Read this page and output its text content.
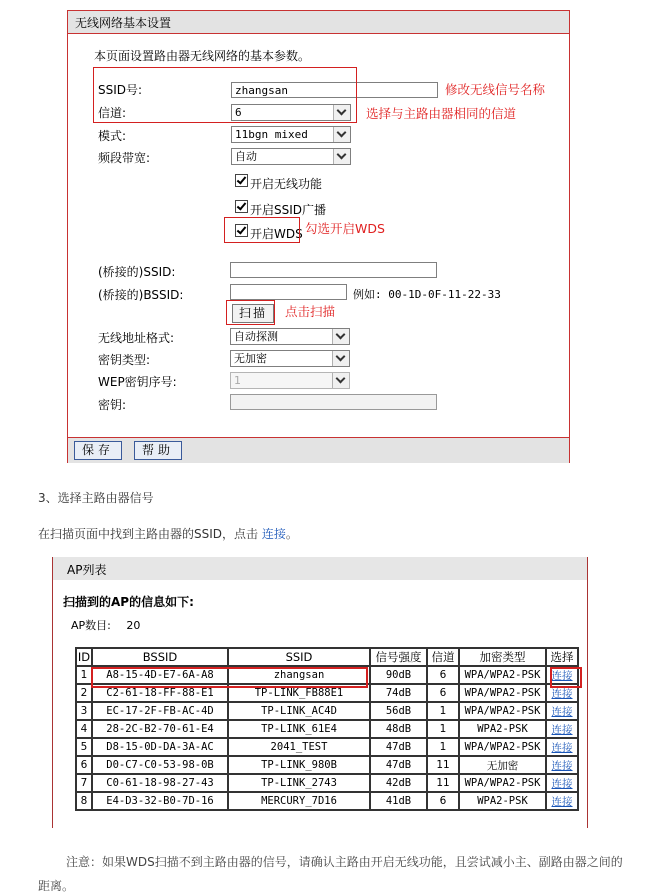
无线网络基本设置
本页面设置路由器无线网络的基本参数。
SSID号:	zhangsan
信道:	6
模式:	11bgn mixed
频段带宽:	自动
开启无线功能
开启SSID广播
开启WDS
(桥接的)SSID:
(桥接的)BSSID:	例如: 00-1D-0F-11-22-33
扫描
无线地址格式:	自动探测
密钥类型:	无加密
WEP密钥序号:	1
密钥:
保存	帮助
修改无线信号名称
选择与主路由器相同的信道
勾选开启WDS
点击扫描
3、选择主路由器信号
在扫描页面中找到主路由器的SSID，点击 连接。
AP列表
扫描到的AP的信息如下:
AP数目: 20
ID	BSSID	SSID	信号强度	信道	加密类型	选择
1	A8-15-4D-E7-6A-A8	zhangsan	90dB	6	WPA/WPA2-PSK	连接
2	C2-61-18-FF-88-E1	TP-LINK_FB88E1	74dB	6	WPA/WPA2-PSK	连接
3	EC-17-2F-FB-AC-4D	TP-LINK_AC4D	56dB	1	WPA/WPA2-PSK	连接
4	28-2C-B2-70-61-E4	TP-LINK_61E4	48dB	1	WPA2-PSK	连接
5	D8-15-0D-DA-3A-AC	2041_TEST	47dB	1	WPA/WPA2-PSK	连接
6	D0-C7-C0-53-98-0B	TP-LINK_980B	47dB	11	无加密	连接
7	C0-61-18-98-27-43	TP-LINK_2743	42dB	11	WPA/WPA2-PSK	连接
8	E4-D3-32-B0-7D-16	MERCURY_7D16	41dB	6	WPA2-PSK	连接
注意：如果WDS扫描不到主路由器的信号，请确认主路由开启无线功能，且尝试减小主、副路由器之间的
距离。
